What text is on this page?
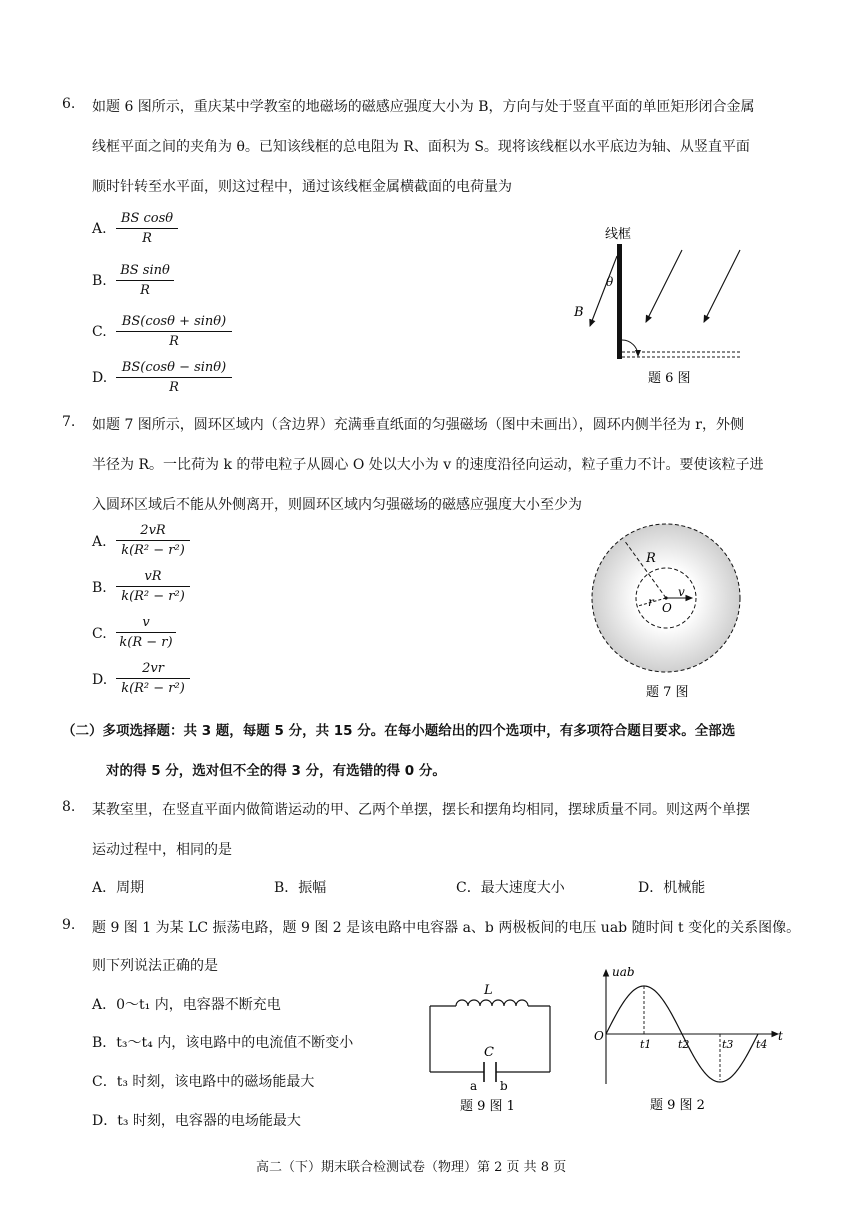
6. 如题 6 图所示，重庆某中学教室的地磁场的磁感应强度大小为 B，方向与处于竖直平面的单匝矩形闭合金属
线框平面之间的夹角为 θ。已知该线框的总电阻为 R、面积为 S。现将该线框以水平底边为轴、从竖直平面
顺时针转至水平面，则这过程中，通过该线框金属横截面的电荷量为
A.
BS cosθ
R
B.
BS sinθ
R
C.
BS(cosθ + sinθ)
R
D.
BS(cosθ − sinθ)
R
线框
θ
B
题 6 图
7. 如题 7 图所示，圆环区域内（含边界）充满垂直纸面的匀强磁场（图中未画出），圆环内侧半径为 r，外侧
半径为 R。一比荷为 k 的带电粒子从圆心 O 处以大小为 v 的速度沿径向运动，粒子重力不计。要使该粒子进
入圆环区域后不能从外侧离开，则圆环区域内匀强磁场的磁感应强度大小至少为
A.
2vR
k(R² − r²)
B.
vR
k(R² − r²)
C.
v
k(R − r)
D.
2vr
k(R² − r²)
R
r O
v
题 7 图
（二）多项选择题：共 3 题，每题 5 分，共 15 分。在每小题给出的四个选项中，有多项符合题目要求。全部选
对的得 5 分，选对但不全的得 3 分，有选错的得 0 分。
8. 某教室里，在竖直平面内做简谐运动的甲、乙两个单摆，摆长和摆角均相同，摆球质量不同。则这两个单摆
运动过程中，相同的是
A．周期	B．振幅	C．最大速度大小	D．机械能
9. 题 9 图 1 为某 LC 振荡电路，题 9 图 2 是该电路中电容器 a、b 两极板间的电压 uab 随时间 t 变化的关系图像。
则下列说法正确的是
A．0～t₁ 内，电容器不断充电
B．t₃～t₄ 内，该电路中的电流值不断变小
C．t₃ 时刻，该电路中的磁场能最大
D．t₃ 时刻，电容器的电场能最大
L
C
a b
题 9 图 1
uab
t
O
t1 t2	t3 t4
题 9 图 2
高二（下）期末联合检测试卷（物理）第 2 页 共 8 页
